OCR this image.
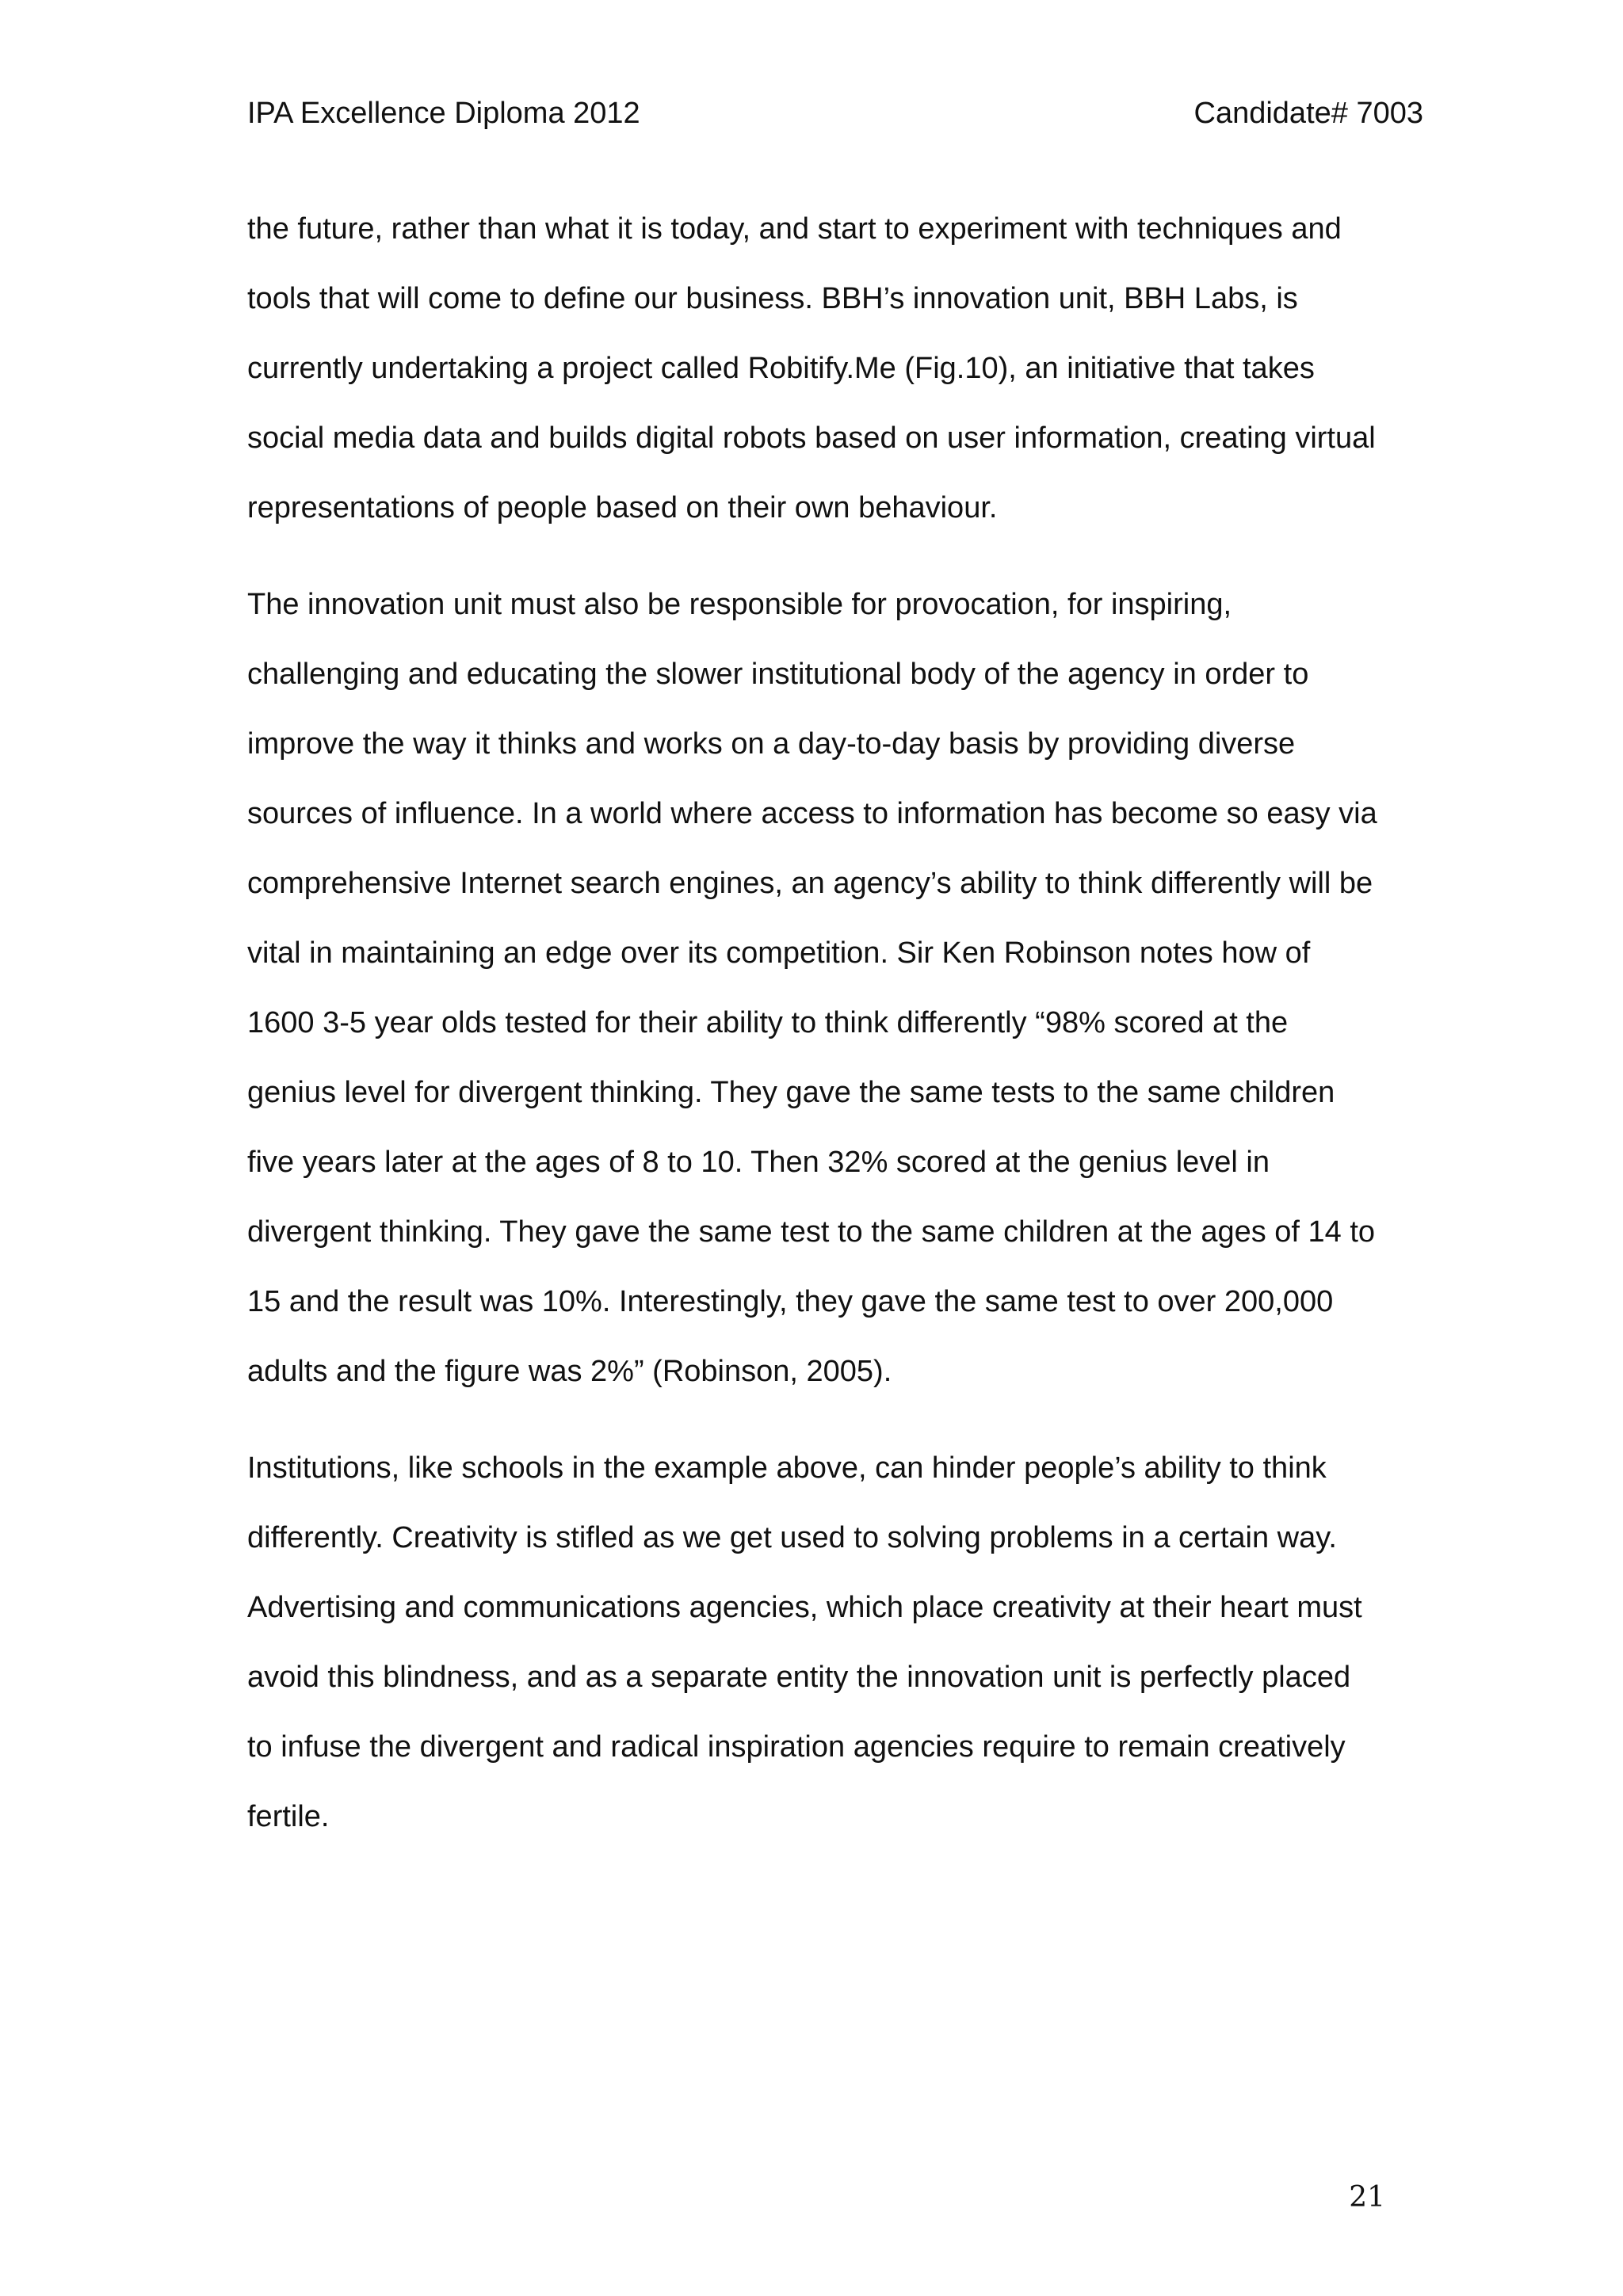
IPA Excellence Diploma 2012	Candidate# 7003
the future, rather than what it is today, and start to experiment with techniques and
tools that will come to define our business. BBH’s innovation unit, BBH Labs, is
currently undertaking a project called Robitify.Me (Fig.10), an initiative that takes
social media data and builds digital robots based on user information, creating virtual
representations of people based on their own behaviour.
The innovation unit must also be responsible for provocation, for inspiring,
challenging and educating the slower institutional body of the agency in order to
improve the way it thinks and works on a day-to-day basis by providing diverse
sources of influence. In a world where access to information has become so easy via
comprehensive Internet search engines, an agency’s ability to think differently will be
vital in maintaining an edge over its competition. Sir Ken Robinson notes how of
1600 3-5 year olds tested for their ability to think differently “98% scored at the
genius level for divergent thinking. They gave the same tests to the same children
five years later at the ages of 8 to 10. Then 32% scored at the genius level in
divergent thinking. They gave the same test to the same children at the ages of 14 to
15 and the result was 10%. Interestingly, they gave the same test to over 200,000
adults and the figure was 2%” (Robinson, 2005).
Institutions, like schools in the example above, can hinder people’s ability to think
differently. Creativity is stifled as we get used to solving problems in a certain way.
Advertising and communications agencies, which place creativity at their heart must
avoid this blindness, and as a separate entity the innovation unit is perfectly placed
to infuse the divergent and radical inspiration agencies require to remain creatively
fertile.
21
